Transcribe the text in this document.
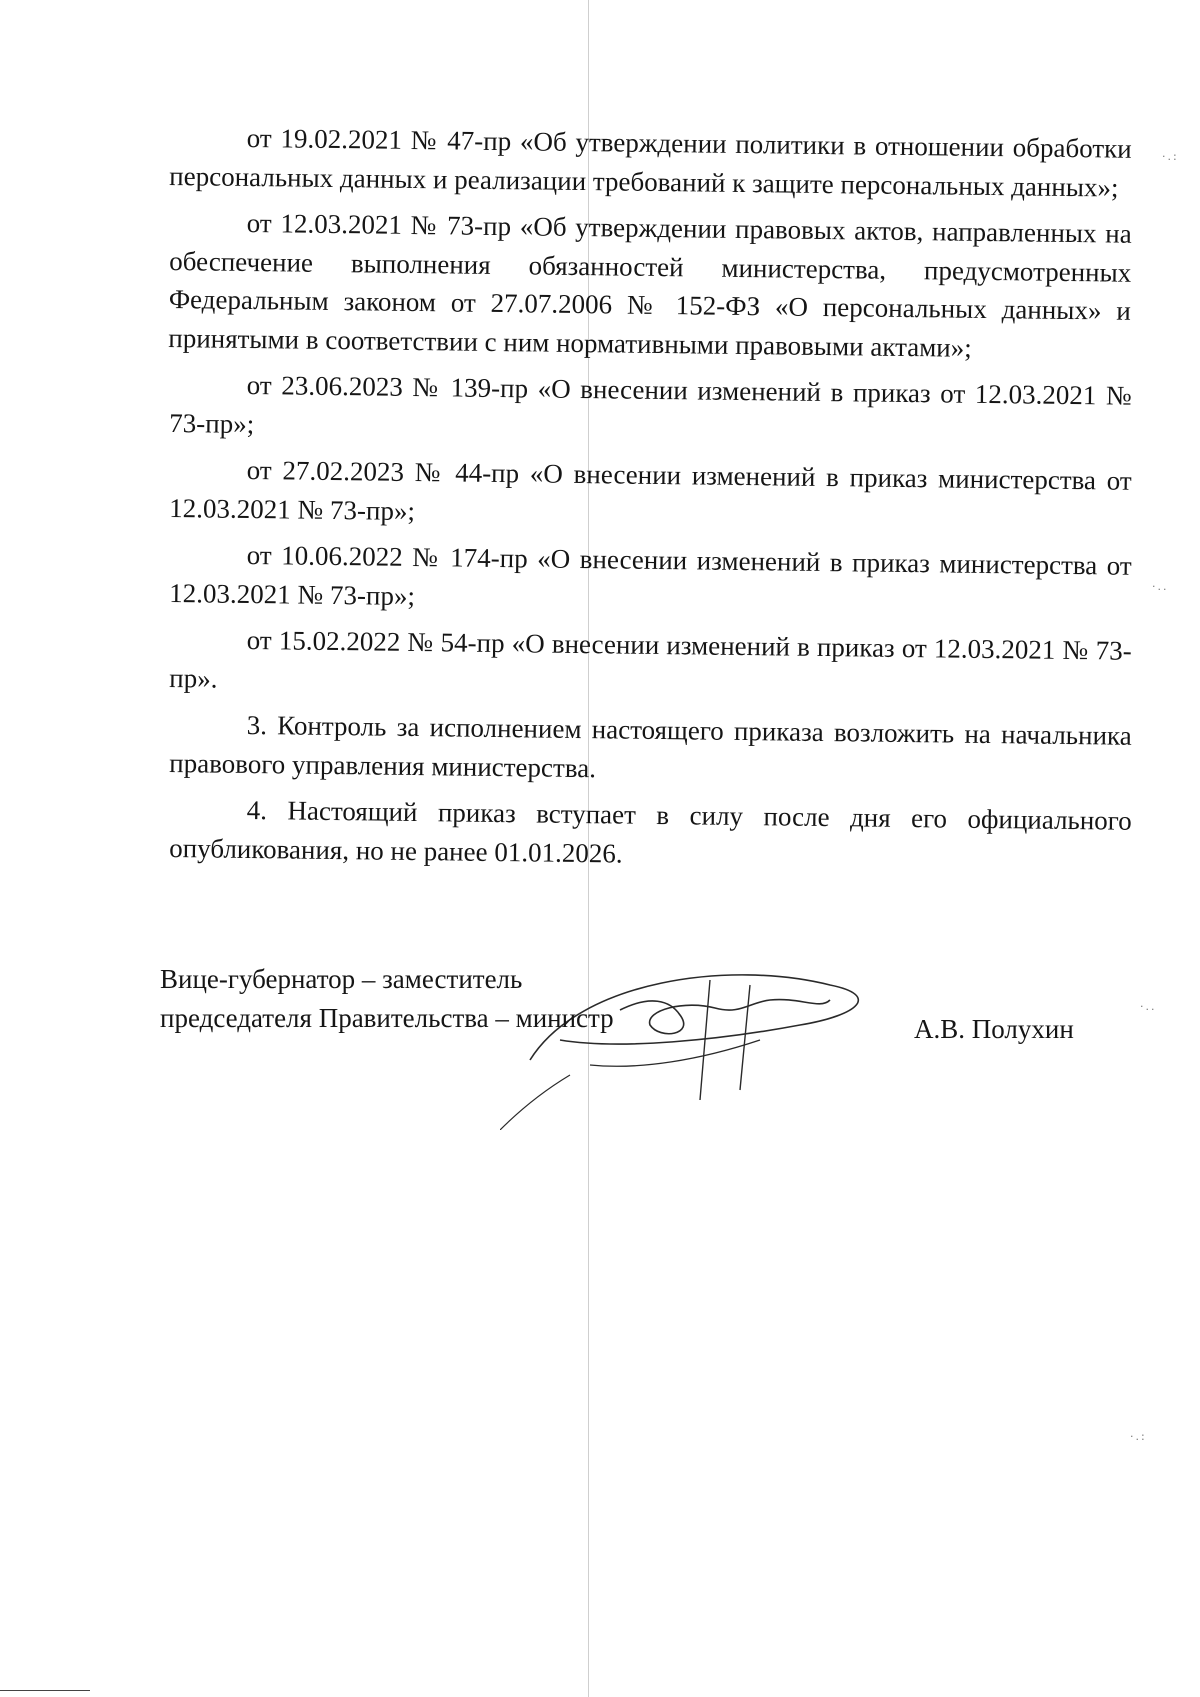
от 19.02.2021 № 47-пр «Об утверждении политики в отношении обработки персональных данных и реализации требований к защите персональных данных»;

от 12.03.2021 № 73-пр «Об утверждении правовых актов, направленных на обеспечение выполнения обязанностей министерства, предусмотренных Федеральным законом от 27.07.2006 № 152-ФЗ «О персональных данных» и принятыми в соответствии с ним нормативными правовыми актами»;

от 23.06.2023 № 139-пр «О внесении изменений в приказ от 12.03.2021 № 73-пр»;

от 27.02.2023 № 44-пр «О внесении изменений в приказ министерства от 12.03.2021 № 73-пр»;

от 10.06.2022 № 174-пр «О внесении изменений в приказ министерства от 12.03.2021 № 73-пр»;

от 15.02.2022 № 54-пр «О внесении изменений в приказ от 12.03.2021 № 73-пр».

3. Контроль за исполнением настоящего приказа возложить на начальника правового управления министерства.

4. Настоящий приказ вступает в силу после дня его официального опубликования, но не ранее 01.01.2026.

Вице-губернатор – заместитель
председателя Правительства – министр	А.В. Полухин
·.:
·..
·..
·.:
